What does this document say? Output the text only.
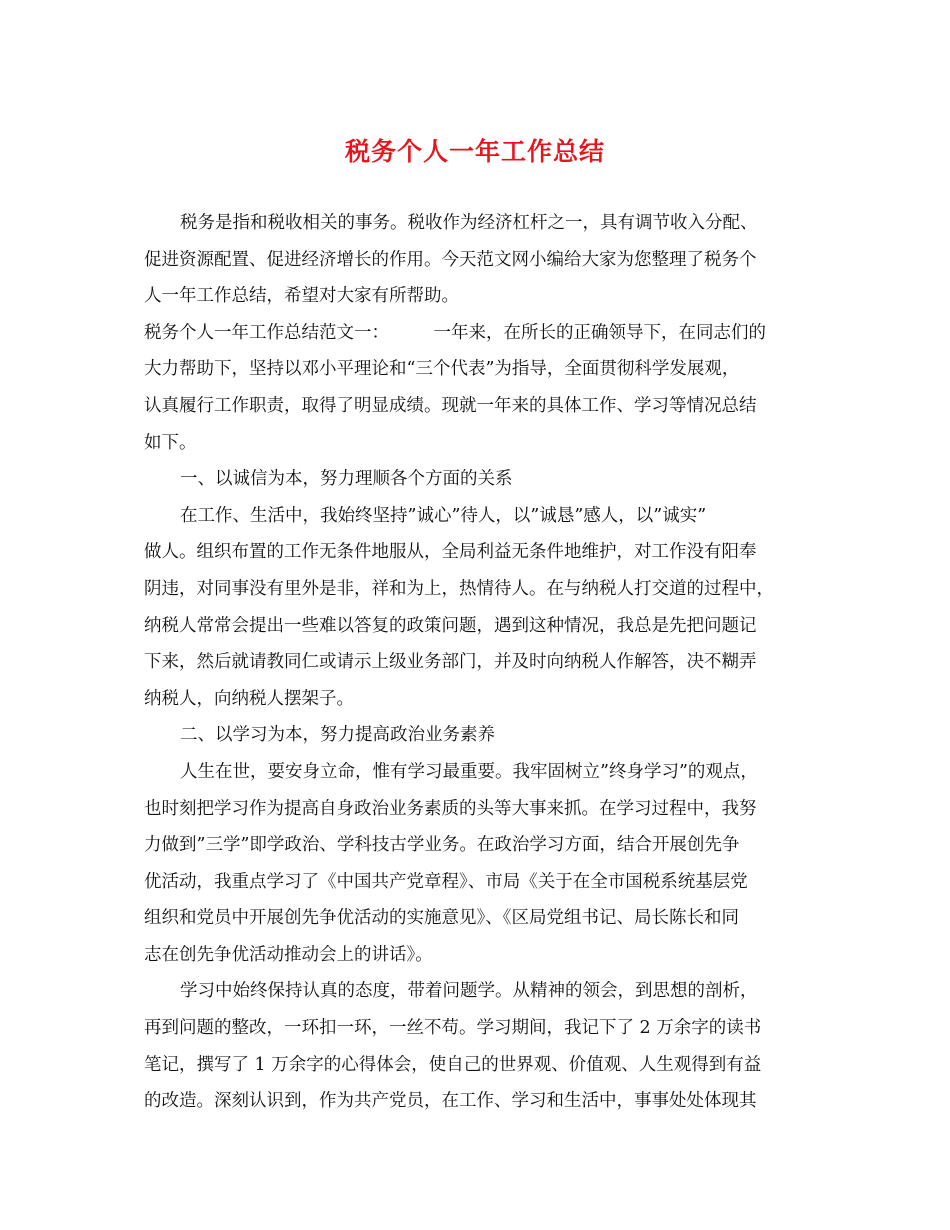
税务个人一年工作总结
税务是指和税收相关的事务。税收作为经济杠杆之一，具有调节收入分配、
促进资源配置、促进经济增长的作用。今天范文网小编给大家为您整理了税务个
人一年工作总结，希望对大家有所帮助。
税务个人一年工作总结范文一：        一年来，在所长的正确领导下，在同志们的
大力帮助下，坚持以邓小平理论和“三个代表”为指导，全面贯彻科学发展观，
认真履行工作职责，取得了明显成绩。现就一年来的具体工作、学习等情况总结
如下。
一、以诚信为本，努力理顺各个方面的关系
在工作、生活中，我始终坚持”诚心”待人，以”诚恳”感人，以”诚实”
做人。组织布置的工作无条件地服从，全局利益无条件地维护，对工作没有阳奉
阴违，对同事没有里外是非，祥和为上，热情待人。在与纳税人打交道的过程中，
纳税人常常会提出一些难以答复的政策问题，遇到这种情况，我总是先把问题记
下来，然后就请教同仁或请示上级业务部门，并及时向纳税人作解答，决不糊弄
纳税人，向纳税人摆架子。
二、以学习为本，努力提高政治业务素养
人生在世，要安身立命，惟有学习最重要。我牢固树立”终身学习”的观点，
也时刻把学习作为提高自身政治业务素质的头等大事来抓。在学习过程中，我努
力做到”三学”即学政治、学科技古学业务。在政治学习方面，结合开展创先争
优活动，我重点学习了《中国共产党章程》、市局《关于在全市国税系统基层党
组织和党员中开展创先争优活动的实施意见》、《区局党组书记、局长陈长和同
志在创先争优活动推动会上的讲话》。
学习中始终保持认真的态度，带着问题学。从精神的领会，到思想的剖析，
再到问题的整改，一环扣一环，一丝不苟。学习期间，我记下了 2 万余字的读书
笔记，撰写了 1 万余字的心得体会，使自己的世界观、价值观、人生观得到有益
的改造。深刻认识到，作为共产党员，在工作、学习和生活中，事事处处体现其
